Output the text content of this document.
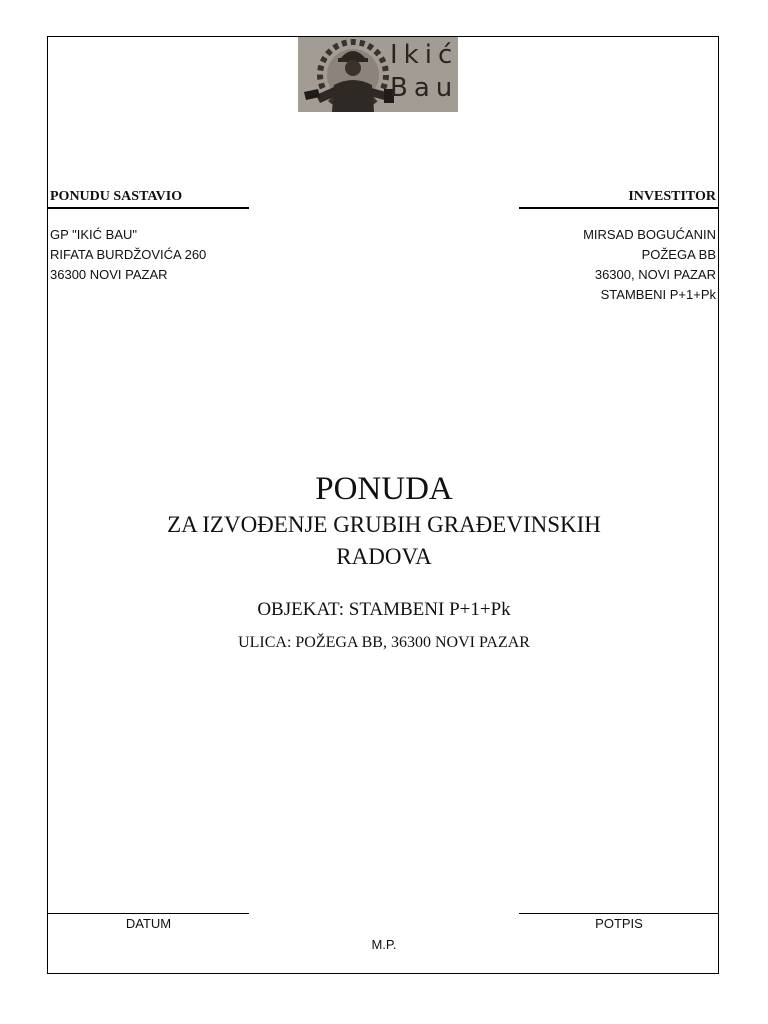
Ikić
Bau
PONUDU SASTAVIO	INVESTITOR
GP "IKIĆ BAU"
RIFATA BURDŽOVIĆA 260
36300 NOVI PAZAR
MIRSAD BOGUĆANIN
POŽEGA BB
36300, NOVI PAZAR
STAMBENI P+1+Pk
PONUDA
ZA IZVOĐENJE GRUBIH GRAĐEVINSKIH
RADOVA
OBJEKAT: STAMBENI P+1+Pk
ULICA: POŽEGA BB, 36300 NOVI PAZAR
DATUM	POTPIS
M.P.
